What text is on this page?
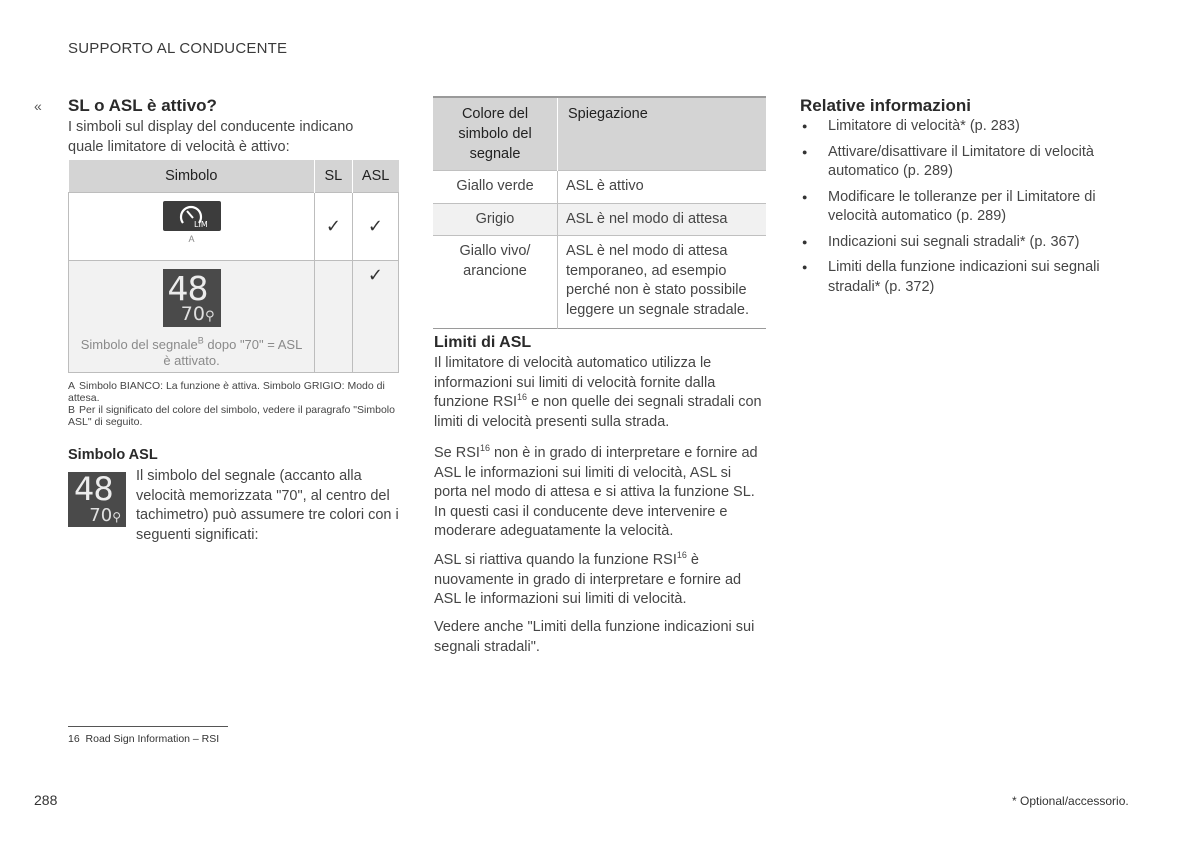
SUPPORTO AL CONDUCENTE
« SL o ASL è attivo?
I simboli sul display del conducente indicano quale limitatore di velocità è attivo:
Simbolo	SL	ASL

LIM
A	✓	✓

48
70⚲
Simbolo del segnale$^B$ dopo "70" = ASL è attivato.		✓
A Simbolo BIANCO: La funzione è attiva. Simbolo GRIGIO: Modo di attesa.
B Per il significato del colore del simbolo, vedere il paragrafo "Simbolo ASL" di seguito.
Simbolo ASL
48
70⚲
Il simbolo del segnale (accanto alla velocità memorizzata "70", al centro del tachimetro) può assumere tre colori con i seguenti significati:
Colore del simbolo del segnale	Spiegazione
Giallo verde	ASL è attivo
Grigio	ASL è nel modo di attesa
Giallo vivo/ arancione	ASL è nel modo di attesa temporaneo, ad esempio perché non è stato possibile leggere un segnale stradale.
Limiti di ASL
Il limitatore di velocità automatico utilizza le informazioni sui limiti di velocità fornite dalla funzione RSI$^{16}$ e non quelle dei segnali stradali con limiti di velocità presenti sulla strada.
Se RSI$^{16}$ non è in grado di interpretare e fornire ad ASL le informazioni sui limiti di velocità, ASL si porta nel modo di attesa e si attiva la funzione SL. In questi casi il conducente deve intervenire e moderare adeguatamente la velocità.
ASL si riattiva quando la funzione RSI$^{16}$ è nuovamente in grado di interpretare e fornire ad ASL le informazioni sui limiti di velocità.
Vedere anche "Limiti della funzione indicazioni sui segnali stradali".
Relative informazioni
● Limitatore di velocità* (p. 283)
● Attivare/disattivare il Limitatore di velocità automatico (p. 289)
● Modificare le tolleranze per il Limitatore di velocità automatico (p. 289)
● Indicazioni sui segnali stradali* (p. 367)
● Limiti della funzione indicazioni sui segnali stradali* (p. 372)
16 Road Sign Information – RSI
288	* Optional/accessorio.
